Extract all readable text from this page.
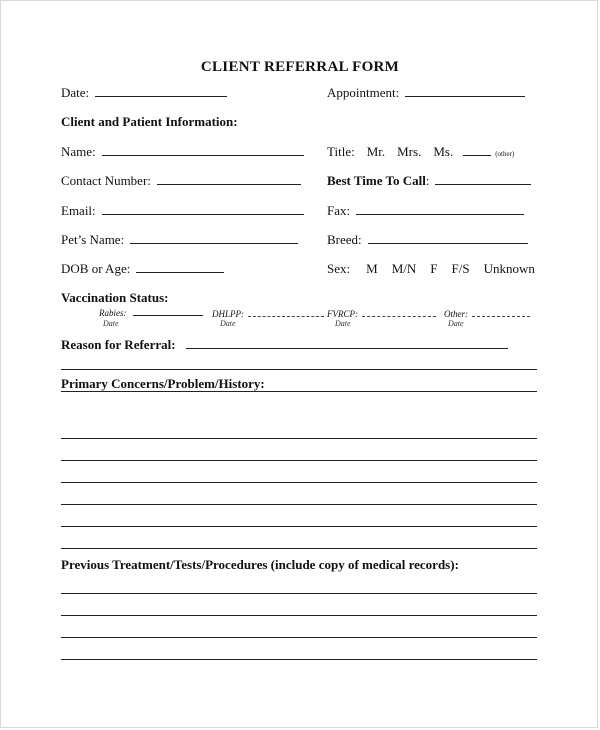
CLIENT REFERRAL FORM
Date:	Appointment:
Client and Patient Information:
Name:	Title: Mr. Mrs. Ms.	(other)
Contact Number:	Best Time To Call :
Email:	Fax:
Pet’s Name:	Breed:
DOB or Age:	Sex: M M/N F F/S Unknown
Vaccination Status:
Rabies:
Date
DHLPP:
Date
FVRCP:
Date
Other:
Date
Reason for Referral:
Primary Concerns/Problem/History:
Previous Treatment/Tests/Procedures (include copy of medical records):
